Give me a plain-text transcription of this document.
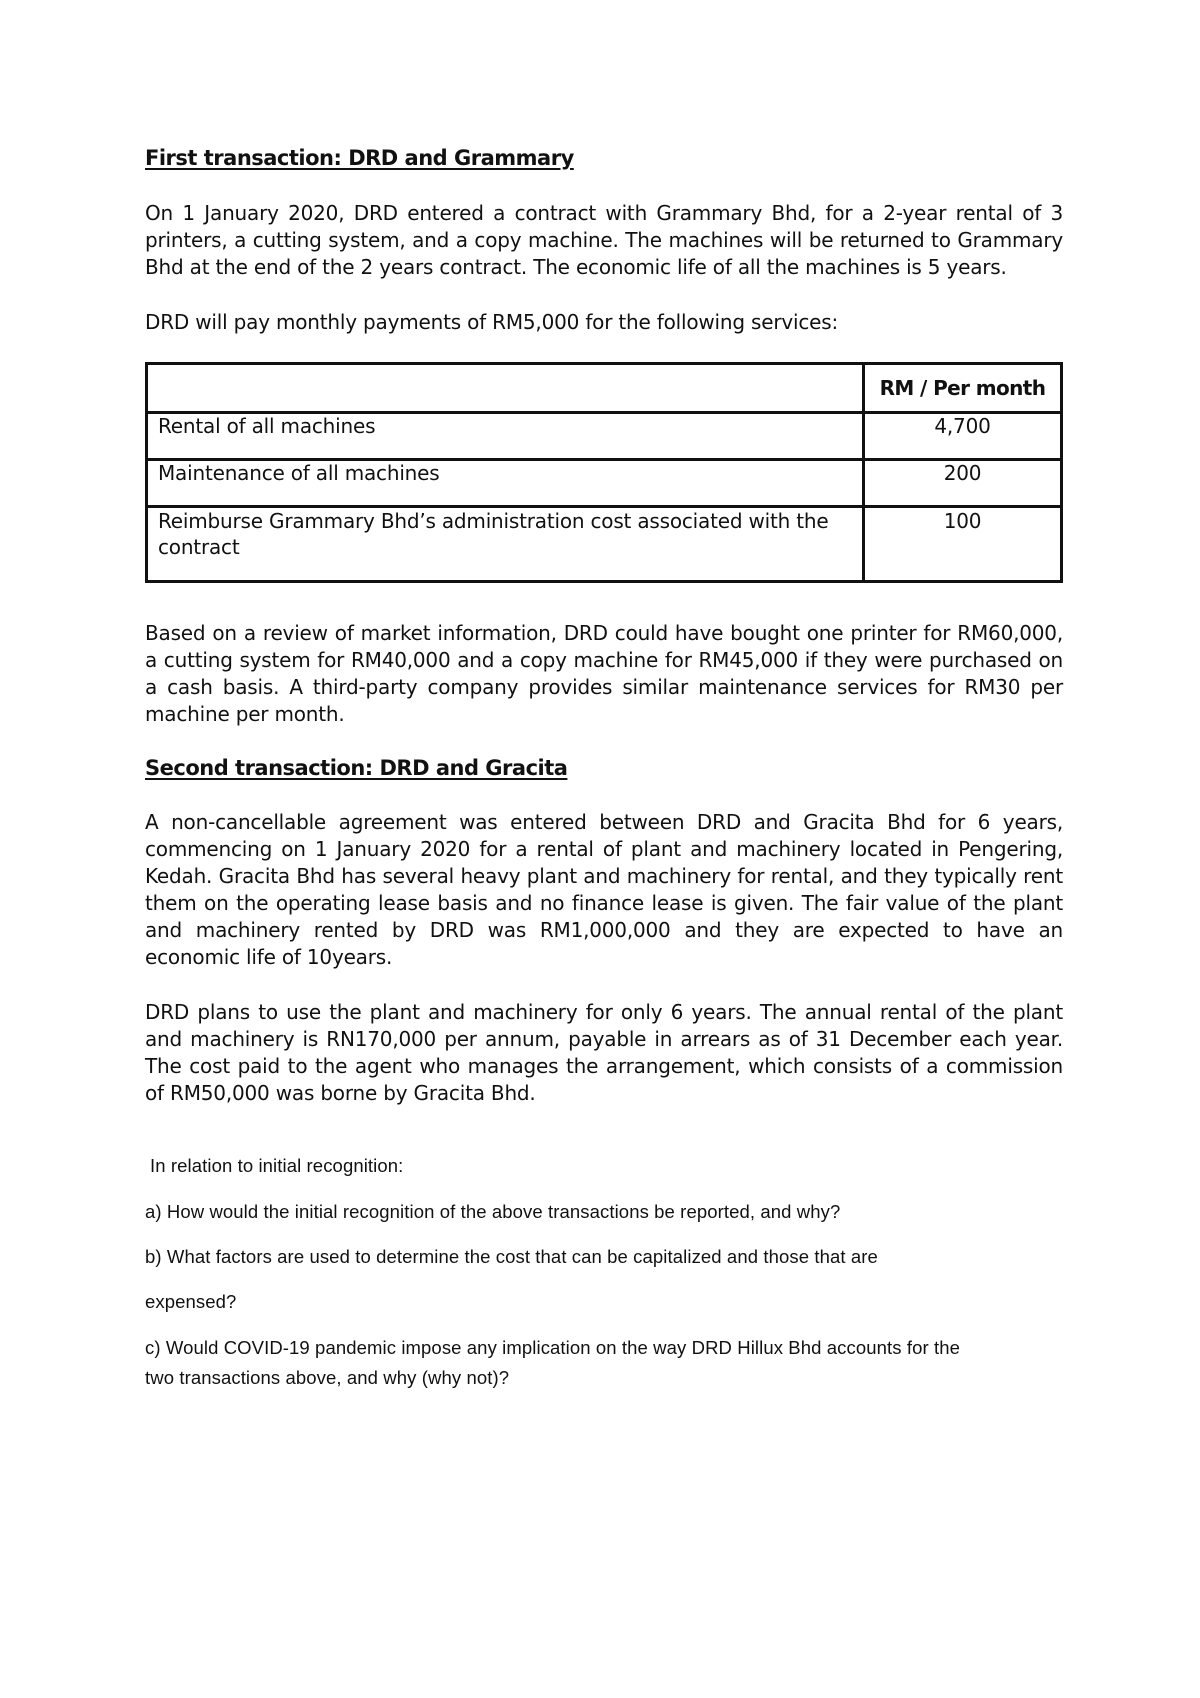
First transaction: DRD and Grammary

On 1 January 2020, DRD entered a contract with Grammary Bhd, for a 2-year rental of 3 printers, a cutting system, and a copy machine. The machines will be returned to Grammary Bhd at the end of the 2 years contract. The economic life of all the machines is 5 years.

DRD will pay monthly payments of RM5,000 for the following services:

	RM / Per month
Rental of all machines	4,700
Maintenance of all machines	200
Reimburse Grammary Bhd’s administration cost associated with the contract	100

Based on a review of market information, DRD could have bought one printer for RM60,000, a cutting system for RM40,000 and a copy machine for RM45,000 if they were purchased on a cash basis. A third-party company provides similar maintenance services for RM30 per machine per month.

Second transaction: DRD and Gracita

A non-cancellable agreement was entered between DRD and Gracita Bhd for 6 years, commencing on 1 January 2020 for a rental of plant and machinery located in Pengering, Kedah. Gracita Bhd has several heavy plant and machinery for rental, and they typically rent them on the operating lease basis and no finance lease is given. The fair value of the plant and machinery rented by DRD was RM1,000,000 and they are expected to have an economic life of 10years.

DRD plans to use the plant and machinery for only 6 years. The annual rental of the plant and machinery is RN170,000 per annum, payable in arrears as of 31 December each year. The cost paid to the agent who manages the arrangement, which consists of a commission of RM50,000 was borne by Gracita Bhd.

In relation to initial recognition:

a) How would the initial recognition of the above transactions be reported, and why?

b) What factors are used to determine the cost that can be capitalized and those that are

expensed?

c) Would COVID-19 pandemic impose any implication on the way DRD Hillux Bhd accounts for the

two transactions above, and why (why not)?
